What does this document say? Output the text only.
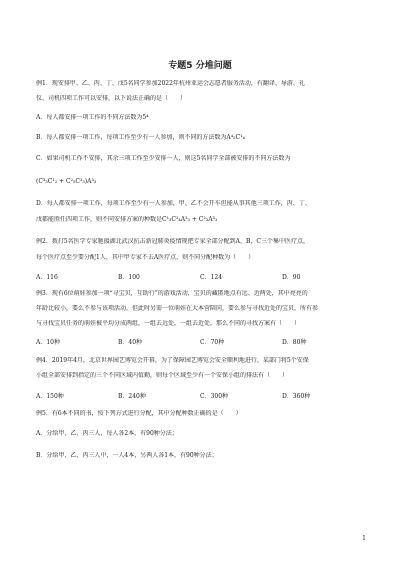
专题5 分堆问题
例1．现安排甲、乙、丙、丁、戊5名同学参加2022年杭州亚运会志愿者服务活动，有翻译、导游、礼
仪、司机四项工作可以安排，以下说法正确的是（　　）
A．每人都安排一项工作的不同方法数为5⁴
B．每人都安排一项工作，每项工作至少有一人参加，则不同的方法数为A⁴₅C¹₄
C．如果司机工作不安排，其余三项工作至少安排一人，则这5名同学全部被安排的不同方法数为
(C³₅C¹₂ + C²₅C²₃)A³₃
D．每人都安排一项工作，每项工作至少有一人参加，甲、乙不会开车但能从事其他三项工作，丙、丁、
戊都能胜任四项工作，则不同安排方案的种数是C¹₃C²₄A³₃ + C²₃A³₃
例2．拨打5名医学专家驰援湖北武汉抗击新冠肺炎疫情现把专家全部分配到A，B，C三个集中医疗点，
每个医疗点至少要分配1人，其中甲专家不去A医疗点，则不同分配种数为（　　）
例3．现有6位萌娃参加一项“寻宝贝，互助行”的游戏活动，宝贝的藏匿地点有远、近两处，其中亮亮的
年龄比较小，要么不参与该项活动，但此时另需一位萌娃在大本营陪同，要么参与寻找近处的宝贝，所有参
与寻找宝贝任务的萌娃被平均分成两组，一组去远处，一组去近处，那么不同的寻找方案有（　　）
例4．2019年4月，北京世界园艺博览会开幕，为了保障园艺博览会安全顺利地进行，某部门将5个安保
小组全部安排到指定的三个不同区域内值勤，则每个区域至少有一个安保小组的排法有（　　）
例5．有6本不同的书，按下列方式进行分配，其中分配种数正确的是（　　）
A．分给甲、乙、丙三人，每人各2本，有90种分法；
B．分给甲、乙、丙三人中，一人4本，另两人各1本，有90种分法；
A．116	B．100	C．124	D．90
A．10种	B．40种	C．70种	D．80种
A．150种	B．240种	C．300种	D．360种
1
